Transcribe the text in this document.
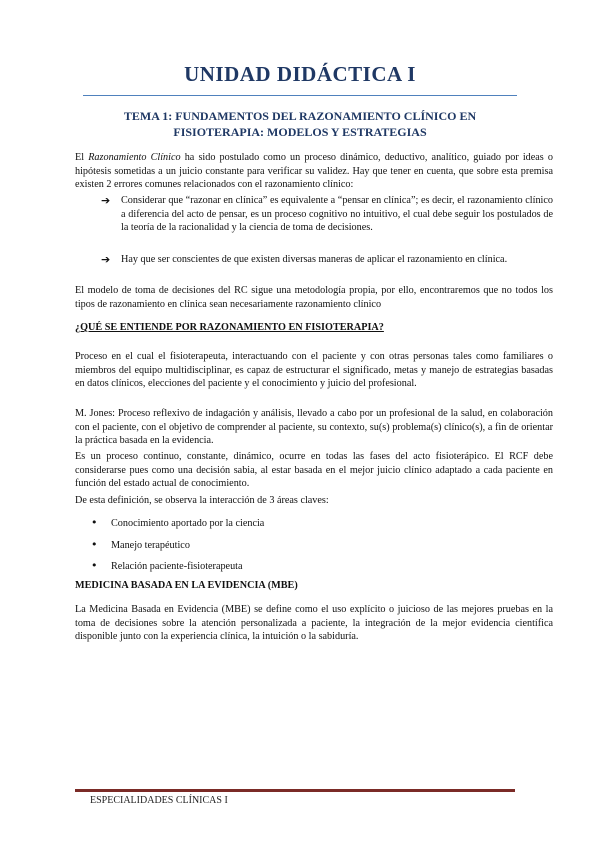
UNIDAD DIDÁCTICA I
TEMA 1: FUNDAMENTOS DEL RAZONAMIENTO CLÍNICO EN
FISIOTERAPIA: MODELOS Y ESTRATEGIAS

El Razonamiento Clínico ha sido postulado como un proceso dinámico, deductivo, analítico, guiado por ideas o hipótesis sometidas a un juicio constante para verificar su validez. Hay que tener en cuenta, que sobre esta premisa existen 2 errores comunes relacionados con el razonamiento clínico:

➔ Considerar que “razonar en clínica” es equivalente a “pensar en clínica”; es decir, el razonamiento clínico a diferencia del acto de pensar, es un proceso cognitivo no intuitivo, el cual debe seguir los postulados de la teoría de la racionalidad y la ciencia de toma de decisiones.
➔ Hay que ser conscientes de que existen diversas maneras de aplicar el razonamiento en clínica.

El modelo de toma de decisiones del RC sigue una metodología propia, por ello, encontraremos que no todos los tipos de razonamiento en clínica sean necesariamente razonamiento clínico

¿QUÉ SE ENTIENDE POR RAZONAMIENTO EN FISIOTERAPIA?

Proceso en el cual el fisioterapeuta, interactuando con el paciente y con otras personas tales como familiares o miembros del equipo multidisciplinar, es capaz de estructurar el significado, metas y manejo de estrategias basadas en datos clínicos, elecciones del paciente y el conocimiento y juicio del profesional.

M. Jones: Proceso reflexivo de indagación y análisis, llevado a cabo por un profesional de la salud, en colaboración con el paciente, con el objetivo de comprender al paciente, su contexto, su(s) problema(s) clínico(s), a fin de orientar la práctica basada en la evidencia.

Es un proceso continuo, constante, dinámico, ocurre en todas las fases del acto fisioterápico. El RCF debe considerarse pues como una decisión sabia, al estar basada en el mejor juicio clínico adaptado a cada paciente en función del estado actual de conocimiento.

De esta definición, se observa la interacción de 3 áreas claves:

• Conocimiento aportado por la ciencia
• Manejo terapéutico
• Relación paciente-fisioterapeuta
MEDICINA BASADA EN LA EVIDENCIA (MBE)

La Medicina Basada en Evidencia (MBE) se define como el uso explícito o juicioso de las mejores pruebas en la toma de decisiones sobre la atención personalizada a paciente, la integración de la mejor evidencia científica disponible junto con la experiencia clínica, la intuición o la sabiduría.

ESPECIALIDADES CLÍNICAS I
